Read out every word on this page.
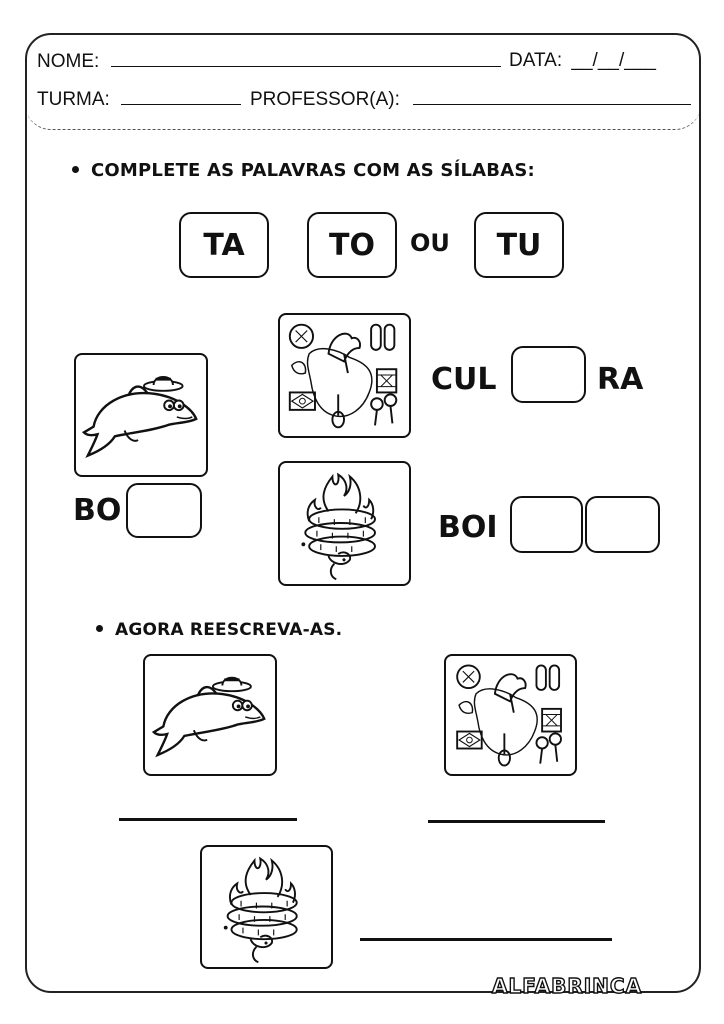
NOME:	DATA: __/__/___
TURMA:	PROFESSOR(A):
COMPLETE AS PALAVRAS COM AS SÍLABAS:
TA	TO	OU	TU
BO
CUL	RA
BOI
AGORA REESCREVA-AS.
ALFABRINCA
